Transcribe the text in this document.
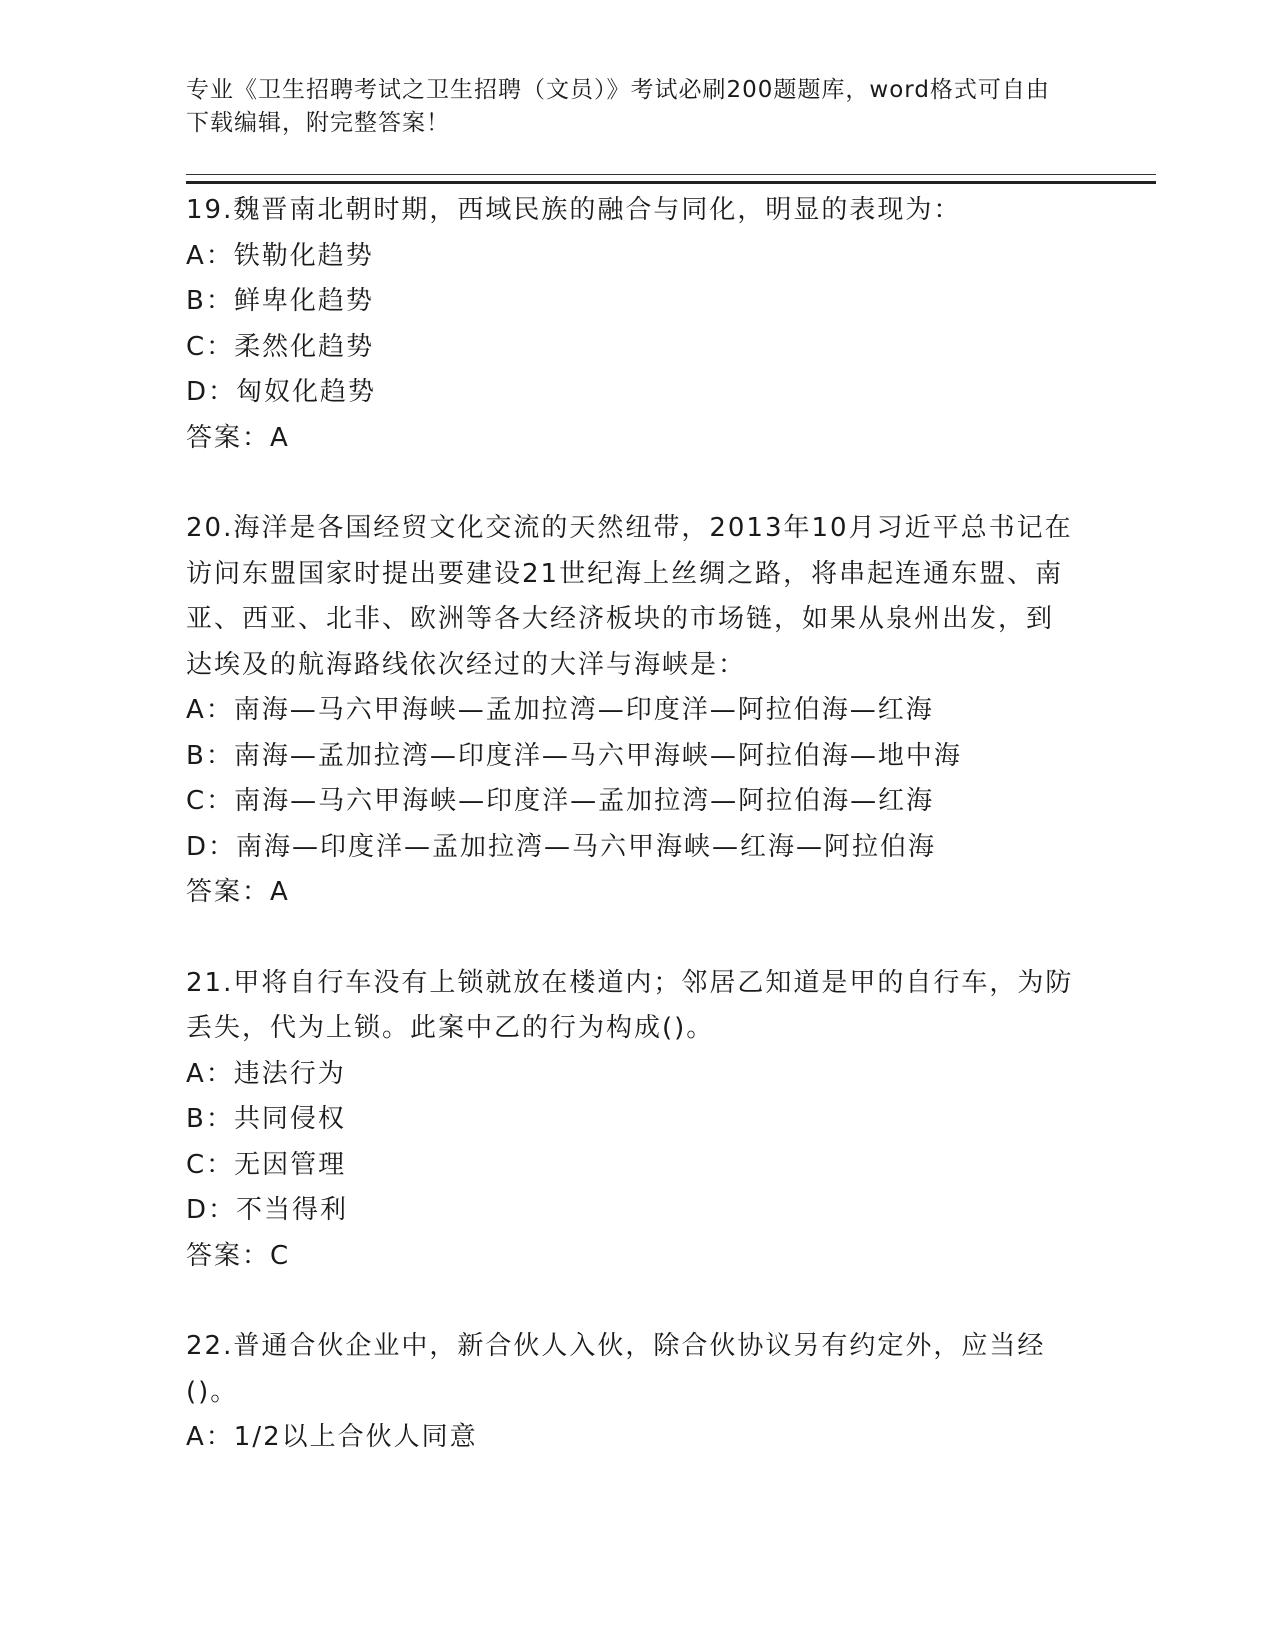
专业《卫生招聘考试之卫生招聘（文员）》考试必刷200题题库，word格式可自由下载编辑，附完整答案！
19.魏晋南北朝时期，西域民族的融合与同化，明显的表现为：
A：铁勒化趋势
B：鲜卑化趋势
C：柔然化趋势
D：匈奴化趋势
答案：A
20.海洋是各国经贸文化交流的天然纽带，2013年10月习近平总书记在访问东盟国家时提出要建设21世纪海上丝绸之路，将串起连通东盟、南亚、西亚、北非、欧洲等各大经济板块的市场链，如果从泉州出发，到达埃及的航海路线依次经过的大洋与海峡是：
A：南海—马六甲海峡—孟加拉湾—印度洋—阿拉伯海—红海
B：南海—孟加拉湾—印度洋—马六甲海峡—阿拉伯海—地中海
C：南海—马六甲海峡—印度洋—孟加拉湾—阿拉伯海—红海
D：南海—印度洋—孟加拉湾—马六甲海峡—红海—阿拉伯海
答案：A
21.甲将自行车没有上锁就放在楼道内；邻居乙知道是甲的自行车，为防丢失，代为上锁。此案中乙的行为构成()。
A：违法行为
B：共同侵权
C：无因管理
D：不当得利
答案：C
22.普通合伙企业中，新合伙人入伙，除合伙协议另有约定外，应当经()。
A：1/2以上合伙人同意
